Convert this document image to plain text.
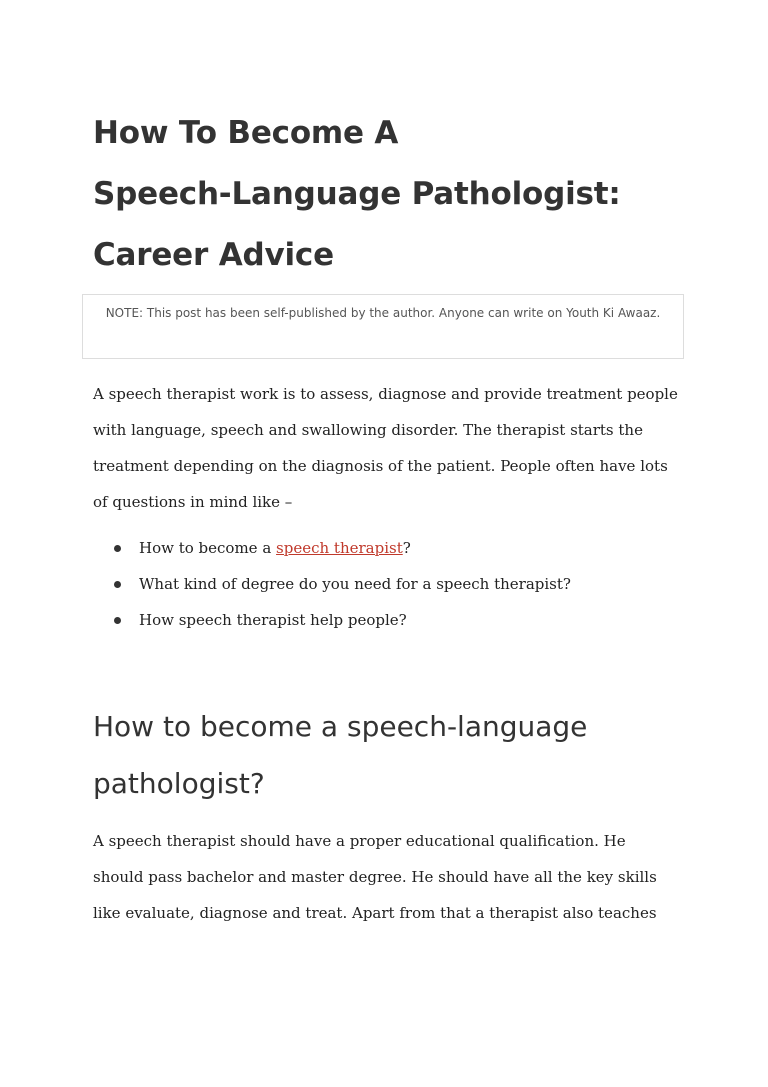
How To Become A
Speech-Language Pathologist:
Career Advice
NOTE: This post has been self-published by the author. Anyone can write on Youth Ki Awaaz.

A speech therapist work is to assess, diagnose and provide treatment people
with language, speech and swallowing disorder. The therapist starts the
treatment depending on the diagnosis of the patient. People often have lots
of questions in mind like –

How to become a speech therapist?
What kind of degree do you need for a speech therapist?
How speech therapist help people?
How to become a speech-language
pathologist?

A speech therapist should have a proper educational qualification. He
should pass bachelor and master degree. He should have all the key skills
like evaluate, diagnose and treat. Apart from that a therapist also teaches
